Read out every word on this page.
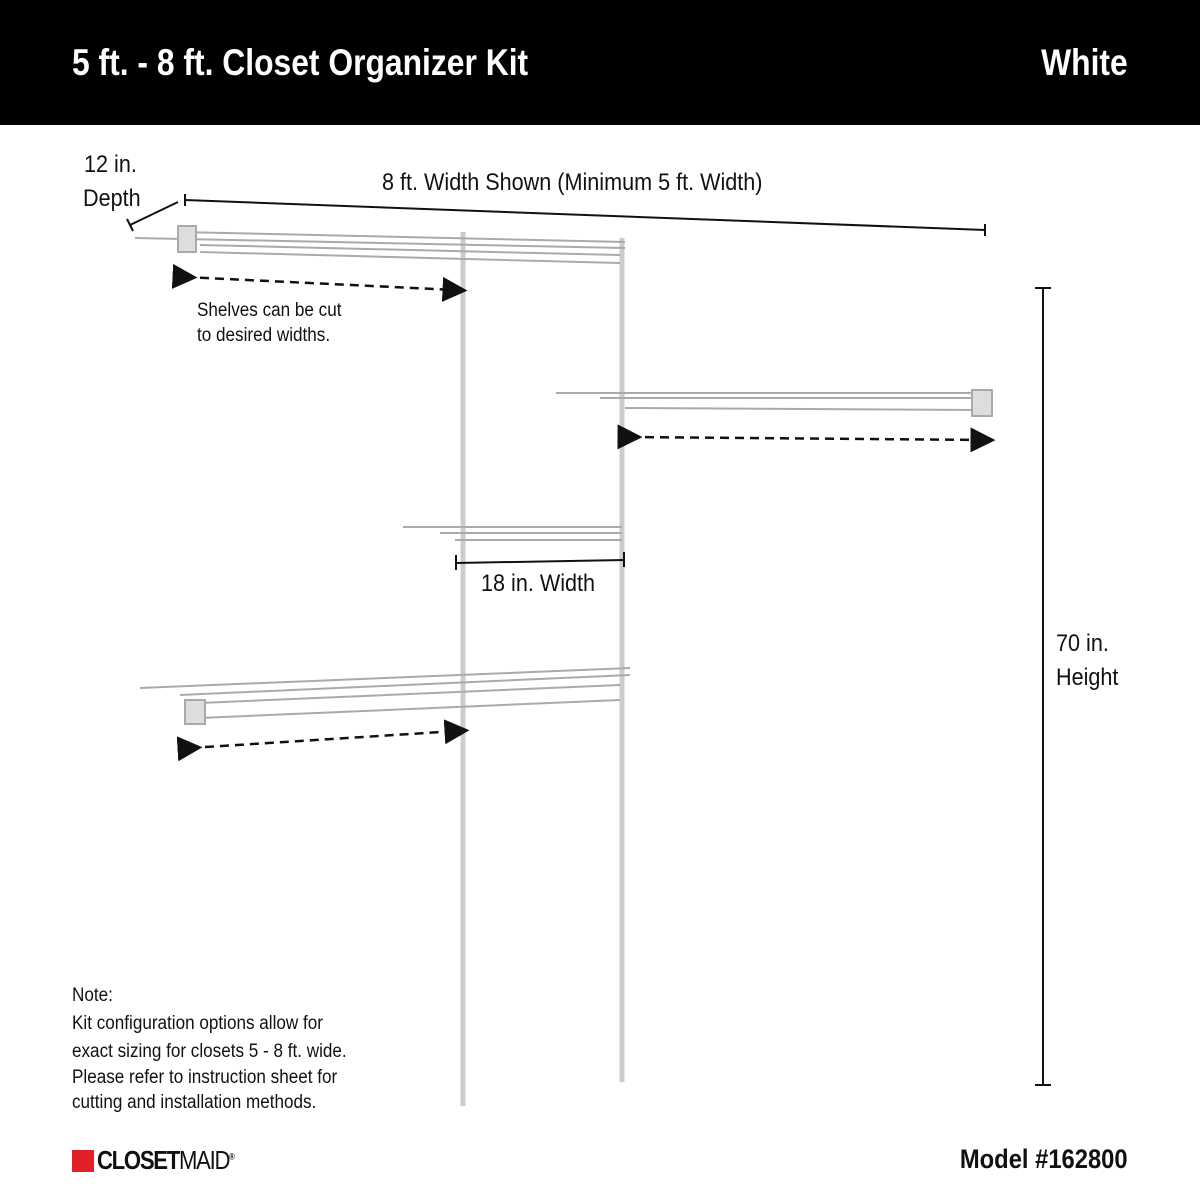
5 ft. - 8 ft. Closet Organizer Kit	White
12 in.
Depth
8 ft. Width Shown (Minimum 5 ft. Width)
Shelves can be cut
to desired widths.
18 in. Width
70 in.
Height
Note:
Kit configuration options allow for
exact sizing for closets 5 - 8 ft. wide.
Please refer to instruction sheet for
cutting and installation methods.
CLOSETMAID®	Model #162800
